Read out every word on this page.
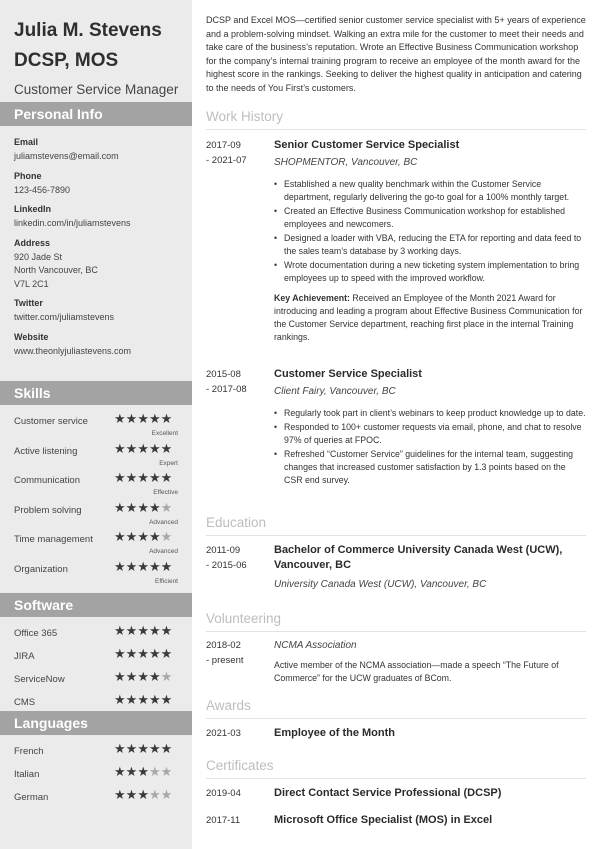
Julia M. Stevens
DCSP, MOS
Customer Service Manager
Personal Info
Email
juliamstevens@email.com
Phone
123-456-7890
LinkedIn
linkedin.com/in/juliamstevens
Address
920 Jade St
North Vancouver, BC
V7L 2C1
Twitter
twitter.com/juliamstevens
Website
www.theonlyjuliastevens.com
Skills
Customer service ★★★★★
Excellent
Active listening	★★★★★
Expert
Communication	★★★★★
Effective
Problem solving ★★★★★
Advanced
Time management ★★★★★
Advanced
Organization	★★★★★
Efficient
Software
Office 365	★★★★★
JIRA	★★★★★
ServiceNow	★★★★★
CMS	★★★★★
Languages
French	★★★★★
Italian	★★★★★
German	★★★★★
DCSP and Excel MOS—certified senior customer service specialist with 5+ years of experience and a problem-solving mindset. Walking an extra mile for the customer to meet their needs and take care of the business’s reputation. Wrote an Effective Business Communication workshop for the company’s internal training program to receive an employee of the month award for the highest score in the rankings. Seeking to deliver the highest quality in anticipation and catering to the needs of You First’s customers.
Work History
2017-09
- 2021-07
Senior Customer Service Specialist
SHOPMENTOR, Vancouver, BC
• Established a new quality benchmark within the Customer Service department, regularly delivering the go-to goal for a 100% monthly target.
• Created an Effective Business Communication workshop for established employees and newcomers.
• Designed a loader with VBA, reducing the ETA for reporting and data feed to the sales team’s database by 3 working days.
• Wrote documentation during a new ticketing system implementation to bring employees up to speed with the improved workflow.
Key Achievement: Received an Employee of the Month 2021 Award for introducing and leading a program about Effective Business Communication for the Customer Service department, reaching first place in the internal Training rankings.
2015-08
- 2017-08
Customer Service Specialist
Client Fairy, Vancouver, BC
• Regularly took part in client’s webinars to keep product knowledge up to date.
• Responded to 100+ customer requests via email, phone, and chat to resolve 97% of queries at FPOC.
• Refreshed “Customer Service” guidelines for the internal team, suggesting changes that increased customer satisfaction by 1.3 points based on the CSR end survey.
Education
2011-09
- 2015-06
Bachelor of Commerce University Canada West (UCW), Vancouver, BC
University Canada West (UCW), Vancouver, BC
Volunteering
2018-02
- present
NCMA Association
Active member of the NCMA association—made a speech “The Future of Commerce” for the UCW graduates of BCom.
Awards
2021-03	Employee of the Month
Certificates
2019-04	Direct Contact Service Professional (DCSP)
2017-11	Microsoft Office Specialist (MOS) in Excel
